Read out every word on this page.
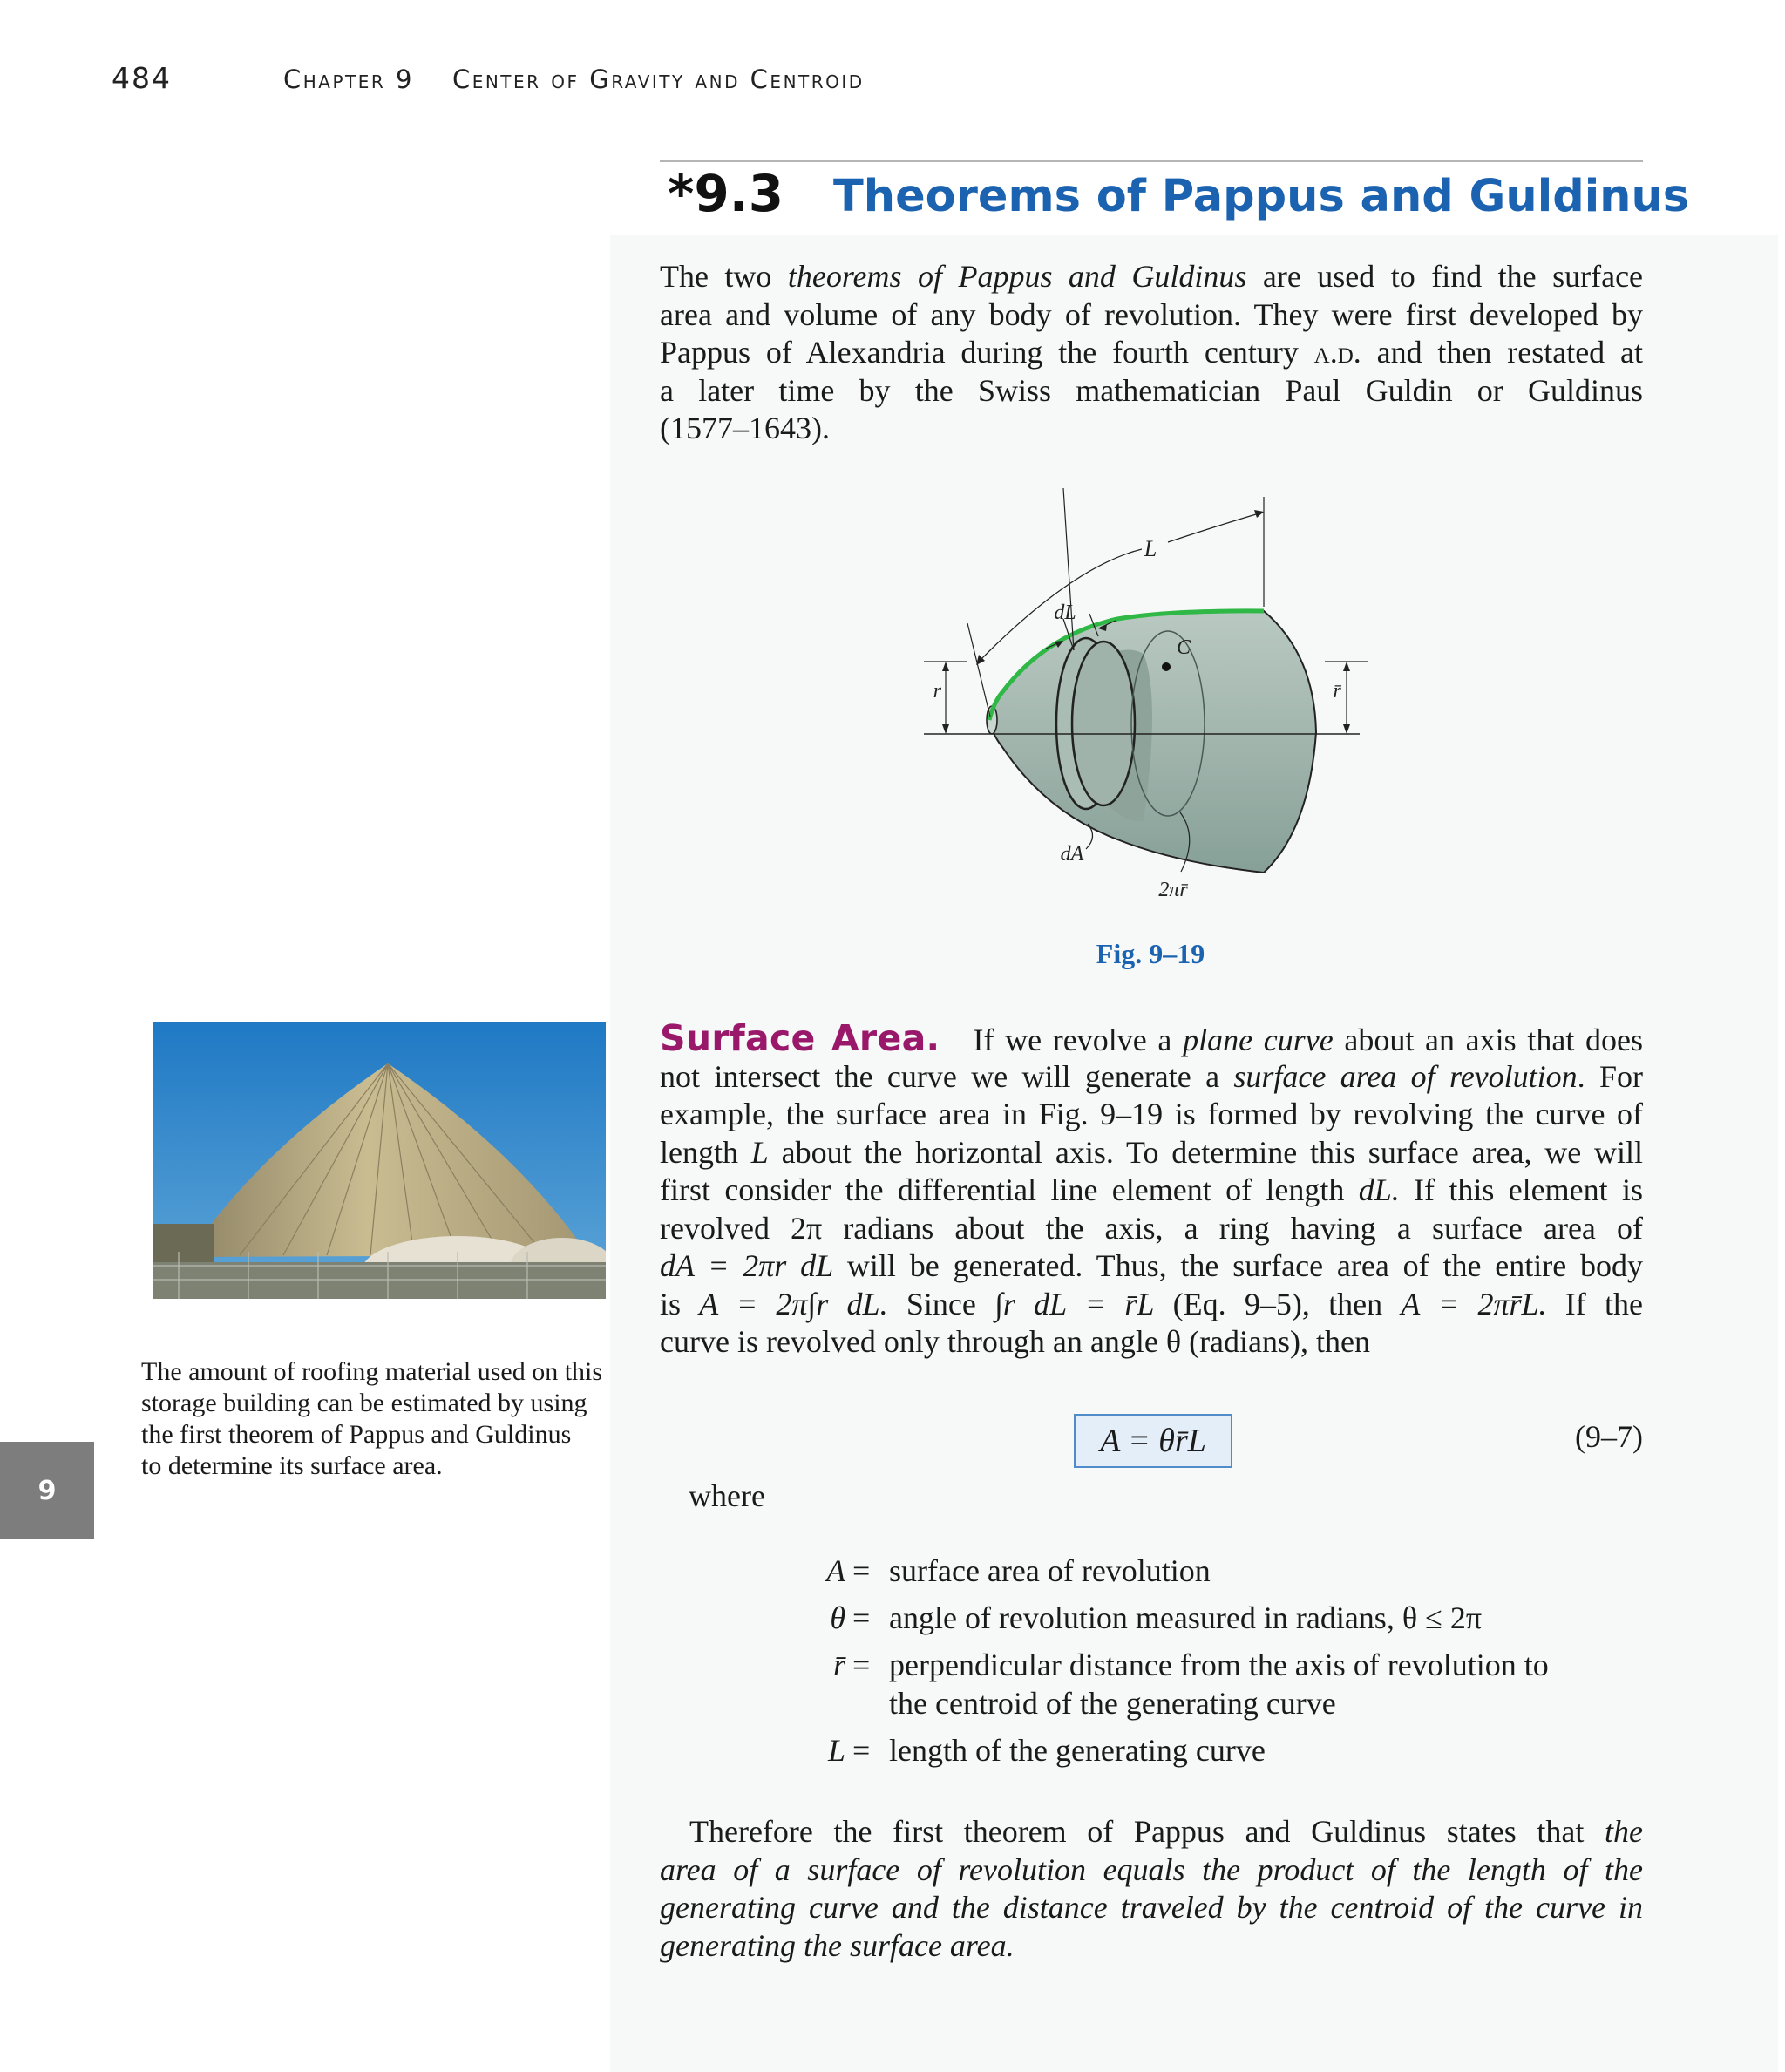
484	Chapter 9 Center of Gravity and Centroid
*9.3 Theorems of Pappus and Guldinus
The two theorems of Pappus and Guldinus are used to find the surface
area and volume of any body of revolution. They were first developed by
Pappus of Alexandria during the fourth century a.d. and then restated at
a later time by the Swiss mathematician Paul Guldin or Guldinus
(1577–1643).
r	r̄
L
dL
C
dA
2πr̄
Fig. 9–19
The amount of roofing material used on this
storage building can be estimated by using
the first theorem of Pappus and Guldinus
to determine its surface area.
9
Surface Area. If we revolve a plane curve about an axis that does
not intersect the curve we will generate a surface area of revolution. For
example, the surface area in Fig. 9–19 is formed by revolving the curve of
length L about the horizontal axis. To determine this surface area, we will
first consider the differential line element of length dL. If this element is
revolved 2π radians about the axis, a ring having a surface area of
dA = 2πr dL will be generated. Thus, the surface area of the entire body
is A = 2π∫r dL. Since ∫r dL = r̄L (Eq. 9–5), then A = 2πr̄L. If the
curve is revolved only through an angle θ (radians), then
A = θr̄L	(9–7)
where
A = surface area of revolution
θ = angle of revolution measured in radians, θ ≤ 2π
r̄ = perpendicular distance from the axis of revolution to
the centroid of the generating curve
L = length of the generating curve
Therefore the first theorem of Pappus and Guldinus states that the
area of a surface of revolution equals the product of the length of the
generating curve and the distance traveled by the centroid of the curve in
generating the surface area.
